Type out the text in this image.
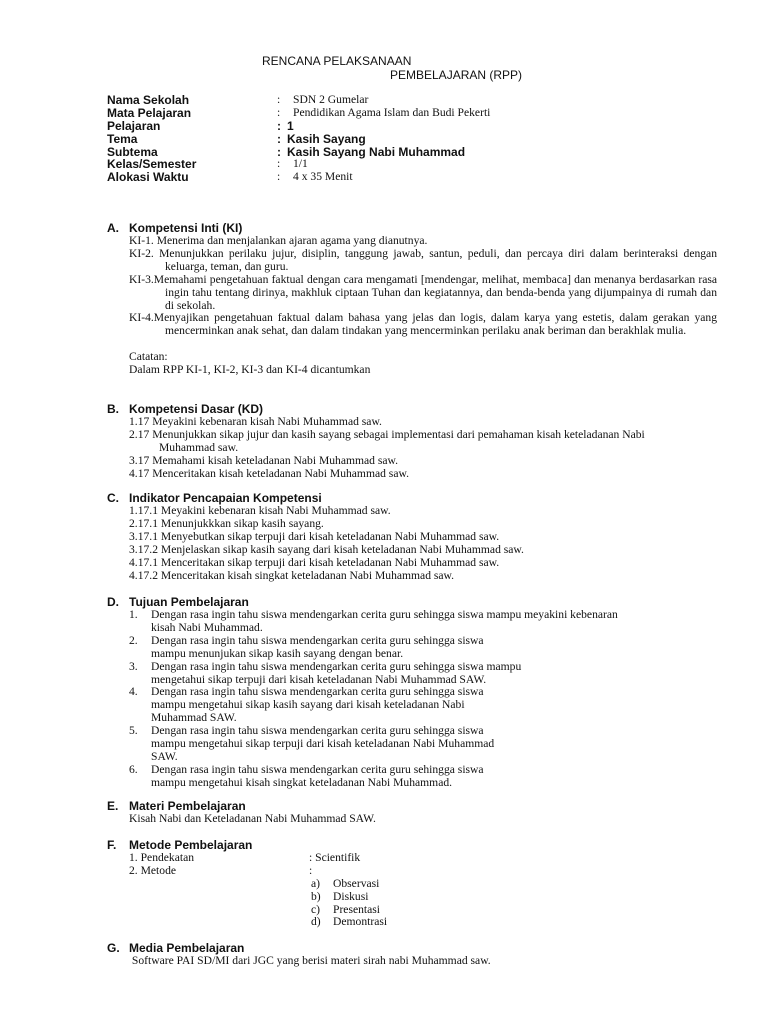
RENCANA PELAKSANAAN
PEMBELAJARAN (RPP)
Nama Sekolah	: SDN 2 Gumelar
Mata Pelajaran	: Pendidikan Agama Islam dan Budi Pekerti
Pelajaran	: 1
Tema	: Kasih Sayang
Subtema	: Kasih Sayang Nabi Muhammad
Kelas/Semester	: 1/1
Alokasi Waktu	: 4 x 35 Menit
A. Kompetensi Inti (KI)

KI-1. Menerima dan menjalankan ajaran agama yang dianutnya.

KI-2. Menunjukkan perilaku jujur, disiplin, tanggung jawab, santun, peduli, dan percaya diri dalam berinteraksi dengan keluarga, teman, dan guru.

KI-3.Memahami pengetahuan faktual dengan cara mengamati [mendengar, melihat, membaca] dan menanya berdasarkan rasa ingin tahu tentang dirinya, makhluk ciptaan Tuhan dan kegiatannya, dan benda-benda yang dijumpainya di rumah dan di sekolah.

KI-4.Menyajikan pengetahuan faktual dalam bahasa yang jelas dan logis, dalam karya yang estetis, dalam gerakan yang mencerminkan anak sehat, dan dalam tindakan yang mencerminkan perilaku anak beriman dan berakhlak mulia.

Catatan:

Dalam RPP KI-1, KI-2, KI-3 dan KI-4 dicantumkan

B. Kompetensi Dasar (KD)

1.17 Meyakini kebenaran kisah Nabi Muhammad saw.

2.17 Menunjukkan sikap jujur dan kasih sayang sebagai implementasi dari pemahaman kisah keteladanan Nabi Muhammad saw.

3.17 Memahami kisah keteladanan Nabi Muhammad saw.

4.17 Menceritakan kisah keteladanan Nabi Muhammad saw.

C. Indikator Pencapaian Kompetensi

1.17.1 Meyakini kebenaran kisah Nabi Muhammad saw.

2.17.1 Menunjukkkan sikap kasih sayang.

3.17.1 Menyebutkan sikap terpuji dari kisah keteladanan Nabi Muhammad saw.

3.17.2 Menjelaskan sikap kasih sayang dari kisah keteladanan Nabi Muhammad saw.

4.17.1 Menceritakan sikap terpuji dari kisah keteladanan Nabi Muhammad saw.

4.17.2 Menceritakan kisah singkat keteladanan Nabi Muhammad saw.

D. Tujuan Pembelajaran
1. Dengan rasa ingin tahu siswa mendengarkan cerita guru sehingga siswa mampu meyakini kebenaran
kisah Nabi Muhammad.
2. Dengan rasa ingin tahu siswa mendengarkan cerita guru sehingga siswa
mampu menunjukan sikap kasih sayang dengan benar.
3. Dengan rasa ingin tahu siswa mendengarkan cerita guru sehingga siswa mampu
mengetahui sikap terpuji dari kisah keteladanan Nabi Muhammad SAW.
4. Dengan rasa ingin tahu siswa mendengarkan cerita guru sehingga siswa
mampu mengetahui sikap kasih sayang dari kisah keteladanan Nabi
Muhammad SAW.
5. Dengan rasa ingin tahu siswa mendengarkan cerita guru sehingga siswa
mampu mengetahui sikap terpuji dari kisah keteladanan Nabi Muhammad
SAW.
6. Dengan rasa ingin tahu siswa mendengarkan cerita guru sehingga siswa
mampu mengetahui kisah singkat keteladanan Nabi Muhammad.
E. Materi Pembelajaran

Kisah Nabi dan Keteladanan Nabi Muhammad SAW.

F. Metode Pembelajaran
1. Pendekatan	: Scientifik
2. Metode	:
a) Observasi
b) Diskusi
c) Presentasi
d) Demontrasi
G. Media Pembelajaran

Software PAI SD/MI dari JGC yang berisi materi sirah nabi Muhammad saw.
